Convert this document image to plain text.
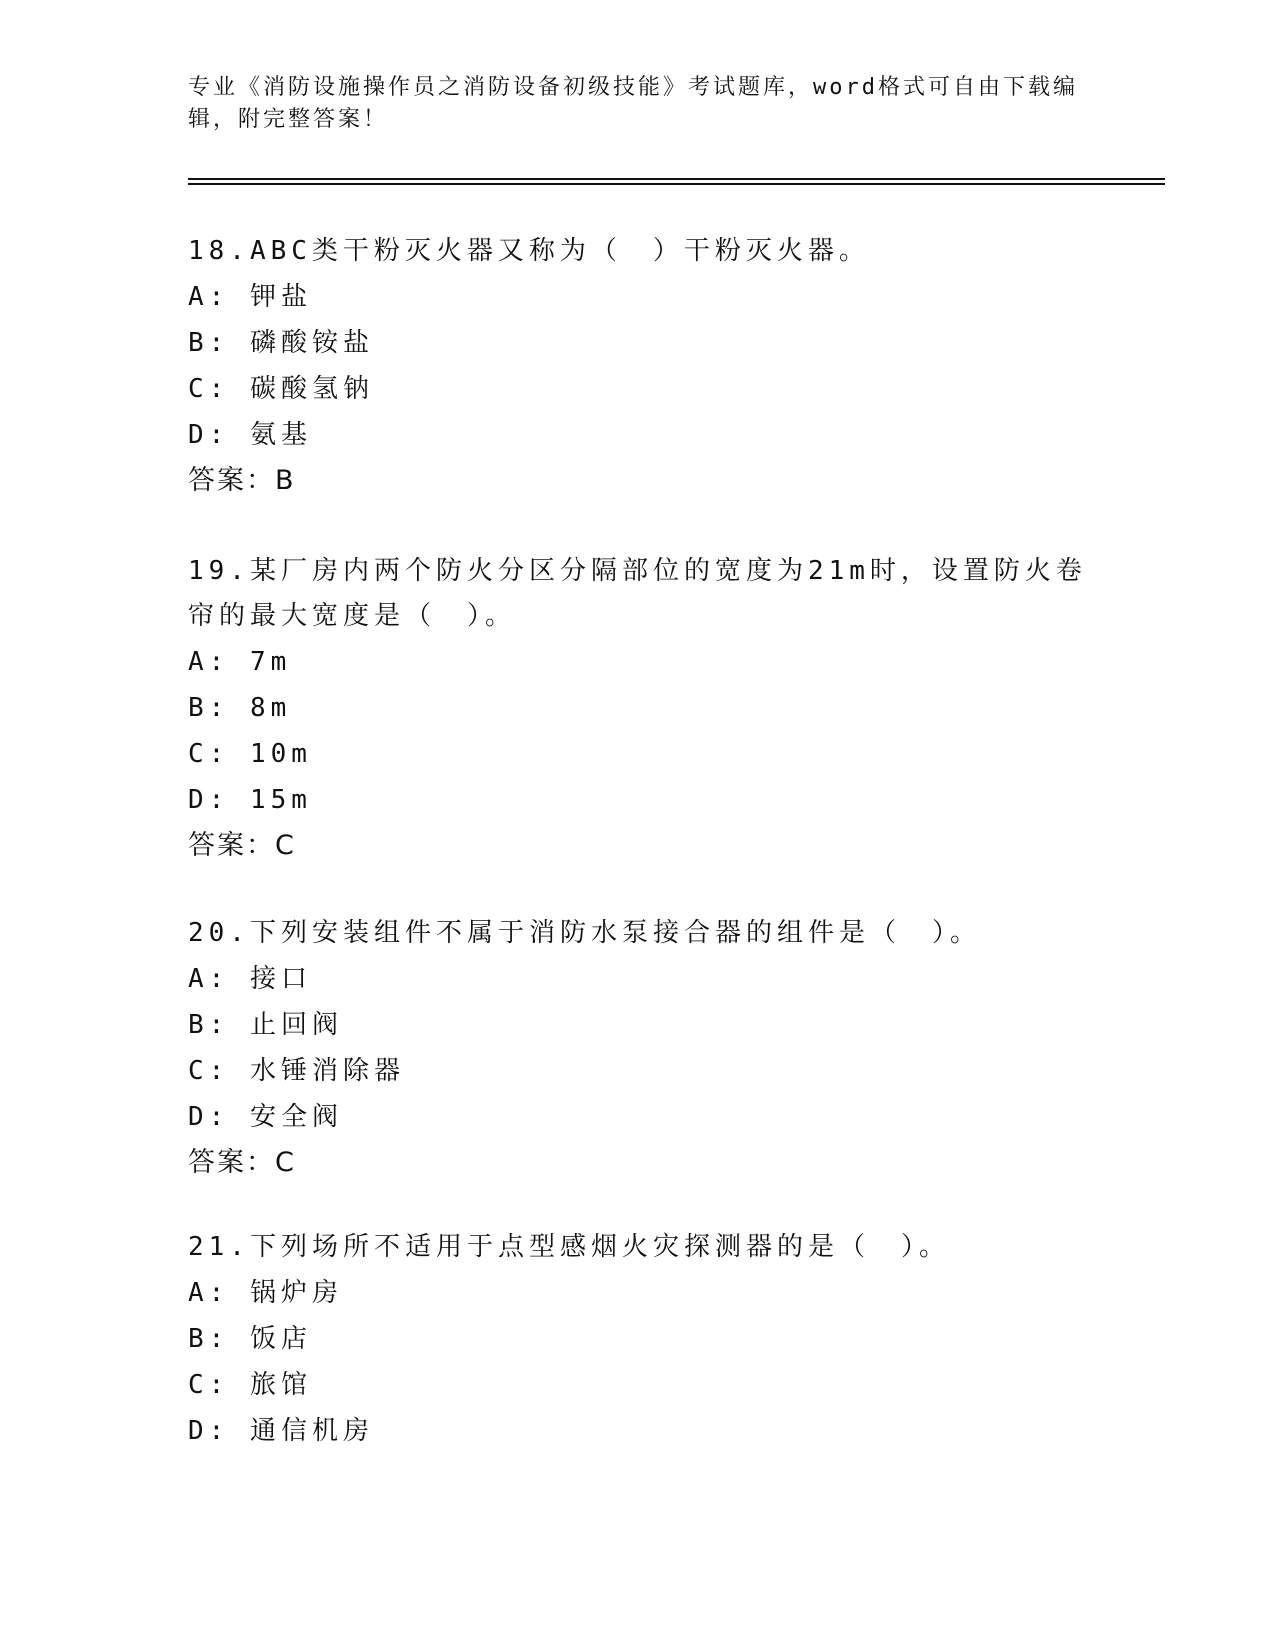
专业《消防设施操作员之消防设备初级技能》考试题库，word格式可自由下载编辑，附完整答案！
18.ABC类干粉灭火器又称为（　）干粉灭火器。
A: 钾盐
B: 磷酸铵盐
C: 碳酸氢钠
D: 氨基
答案：B
19.某厂房内两个防火分区分隔部位的宽度为21m时，设置防火卷帘的最大宽度是（　）。
A: 7m
B: 8m
C: 10m
D: 15m
答案：C
20.下列安装组件不属于消防水泵接合器的组件是（　）。
A: 接口
B: 止回阀
C: 水锤消除器
D: 安全阀
答案：C
21.下列场所不适用于点型感烟火灾探测器的是（　）。
A: 锅炉房
B: 饭店
C: 旅馆
D: 通信机房
